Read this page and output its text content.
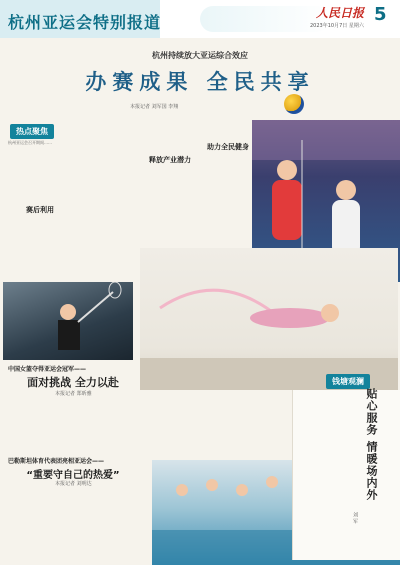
杭州亚运会特别报道	人民日报 5
2023年10月7日 星期六
杭州持续放大亚运综合效应
办赛成果 全民共享
本报记者 刘军国 李翔
热点聚焦
杭州亚运会召开期间……
赛后利用
释放产业潜力
助力全民健身
中国女篮夺得亚运会冠军——
面对挑战 全力以赴
本报记者 郑昕雅
巴勒斯坦体育代表团亮相亚运会——
“重要守自己的热爱”
本报记者 刘明达
钱塘观澜
贴心服务 情暖场内外
刘 军
